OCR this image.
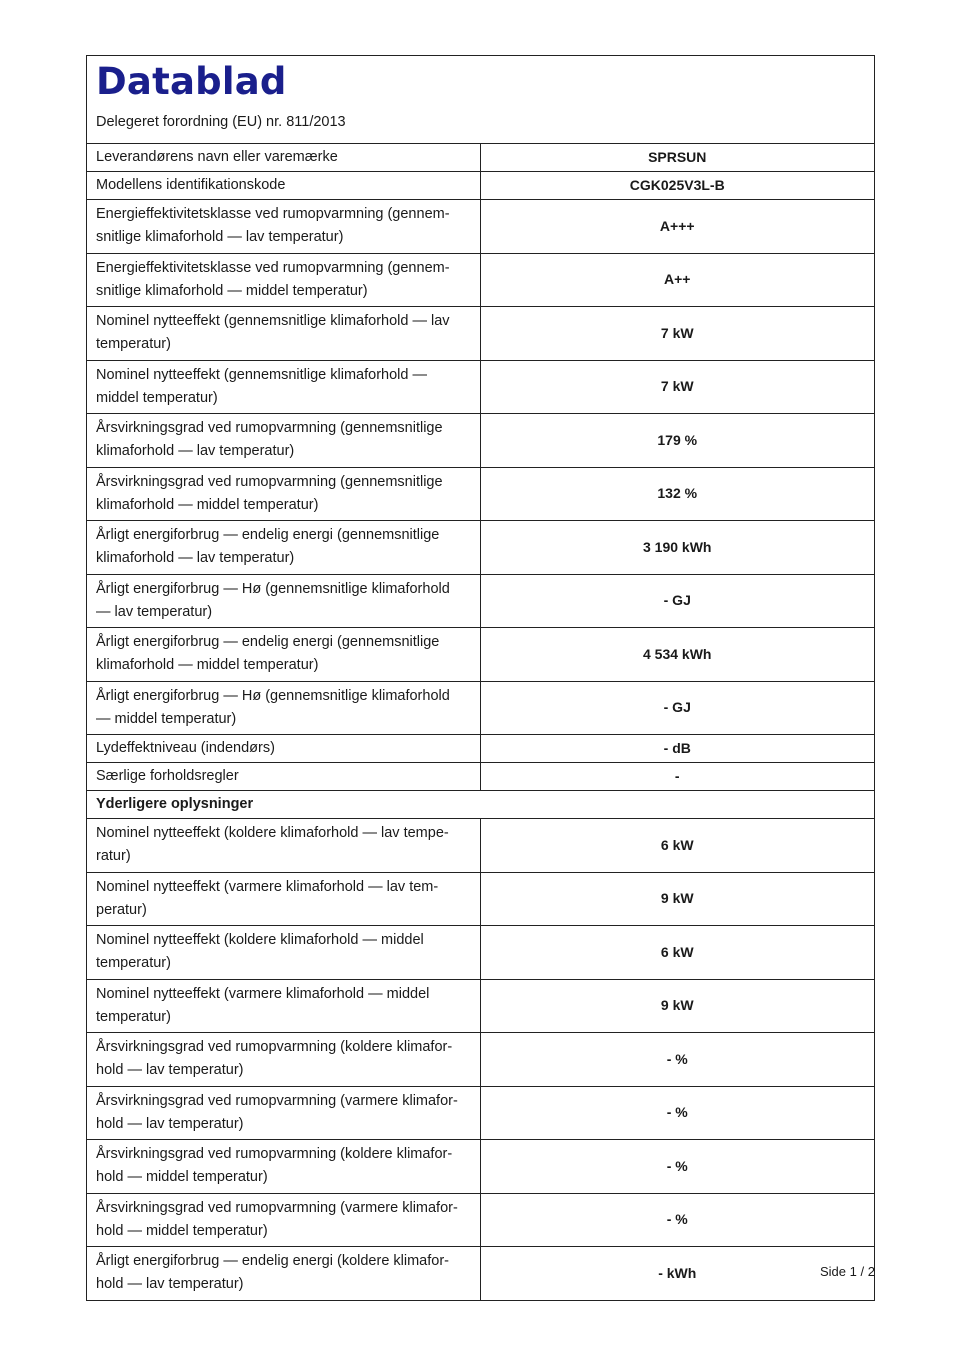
Datablad
Delegeret forordning (EU) nr. 811/2013
Leverandørens navn eller varemærke	SPRSUN
Modellens identifikationskode	CGK025V3L-B
Energieffektivitetsklasse ved rumopvarmning (gennem-snitlige klimaforhold — lav temperatur)	A+++
Energieffektivitetsklasse ved rumopvarmning (gennem-snitlige klimaforhold — middel temperatur)	A++
Nominel nytteeffekt (gennemsnitlige klimaforhold — lav temperatur)	7 kW
Nominel nytteeffekt (gennemsnitlige klimaforhold — middel temperatur)	7 kW
Årsvirkningsgrad ved rumopvarmning (gennemsnitlige klimaforhold — lav temperatur)	179 %
Årsvirkningsgrad ved rumopvarmning (gennemsnitlige klimaforhold — middel temperatur)	132 %
Årligt energiforbrug — endelig energi (gennemsnitlige klimaforhold — lav temperatur)	3 190 kWh
Årligt energiforbrug — Hø (gennemsnitlige klimaforhold — lav temperatur)	- GJ
Årligt energiforbrug — endelig energi (gennemsnitlige klimaforhold — middel temperatur)	4 534 kWh
Årligt energiforbrug — Hø (gennemsnitlige klimaforhold — middel temperatur)	- GJ
Lydeffektniveau (indendørs)	- dB
Særlige forholdsregler	-
Yderligere oplysninger	
Nominel nytteeffekt (koldere klimaforhold — lav tempe-ratur)	6 kW
Nominel nytteeffekt (varmere klimaforhold — lav tem-peratur)	9 kW
Nominel nytteeffekt (koldere klimaforhold — middel temperatur)	6 kW
Nominel nytteeffekt (varmere klimaforhold — middel temperatur)	9 kW
Årsvirkningsgrad ved rumopvarmning (koldere klimafor-hold — lav temperatur)	- %
Årsvirkningsgrad ved rumopvarmning (varmere klimafor-hold — lav temperatur)	- %
Årsvirkningsgrad ved rumopvarmning (koldere klimafor-hold — middel temperatur)	- %
Årsvirkningsgrad ved rumopvarmning (varmere klimafor-hold — middel temperatur)	- %
Årligt energiforbrug — endelig energi (koldere klimafor-hold — lav temperatur)	- kWh	Side 1 / 2
